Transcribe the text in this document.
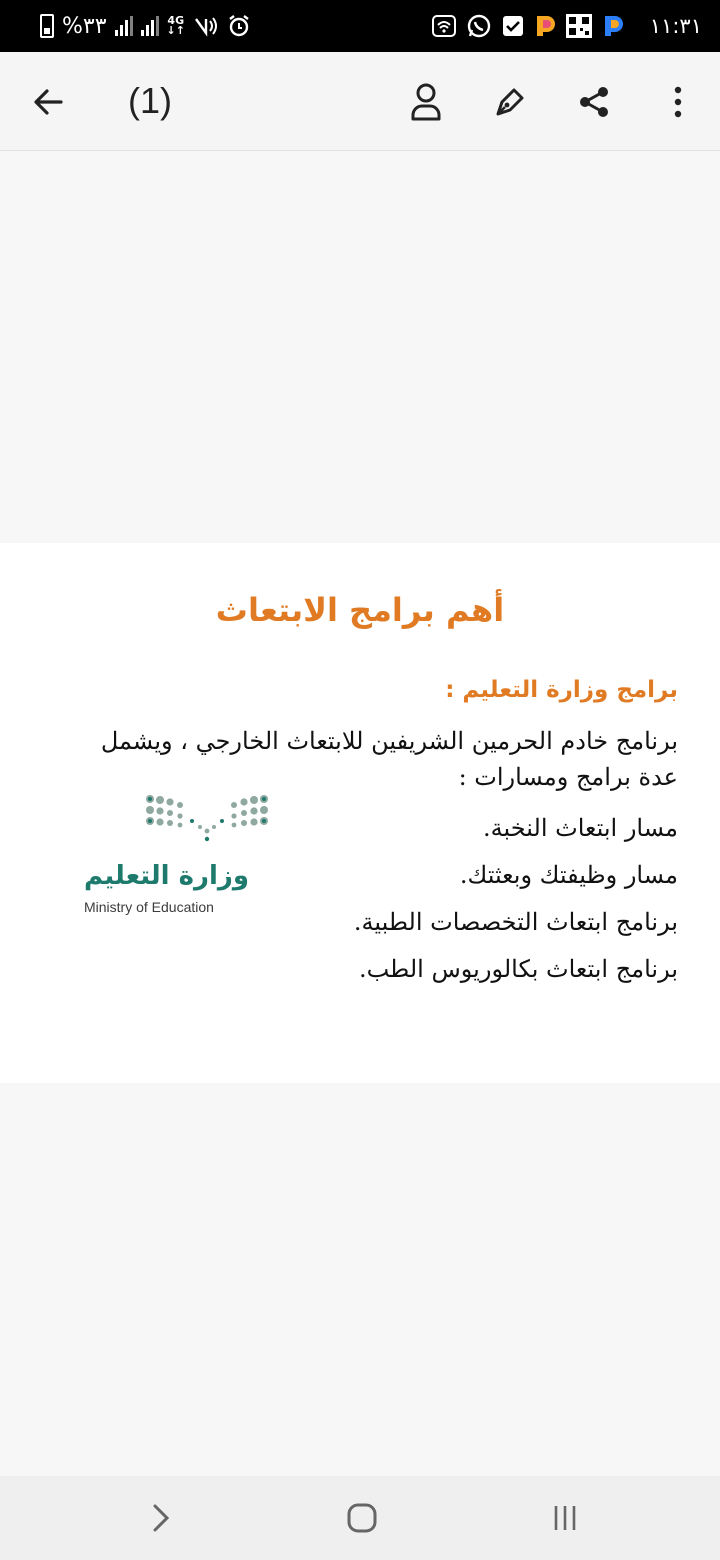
%٣٣	4G
↓↑	١١:٣١
(1)
أهم برامج الابتعاث
برامج وزارة التعليم :

برنامج خادم الحرمين الشريفين للابتعاث الخارجي ، ويشمل

عدة برامج ومسارات :

مسار ابتعاث النخبة.
مسار وظيفتك وبعثتك.
برنامج ابتعاث التخصصات الطبية.
برنامج ابتعاث بكالوريوس الطب.
وزارة التعليم
Ministry of Education
